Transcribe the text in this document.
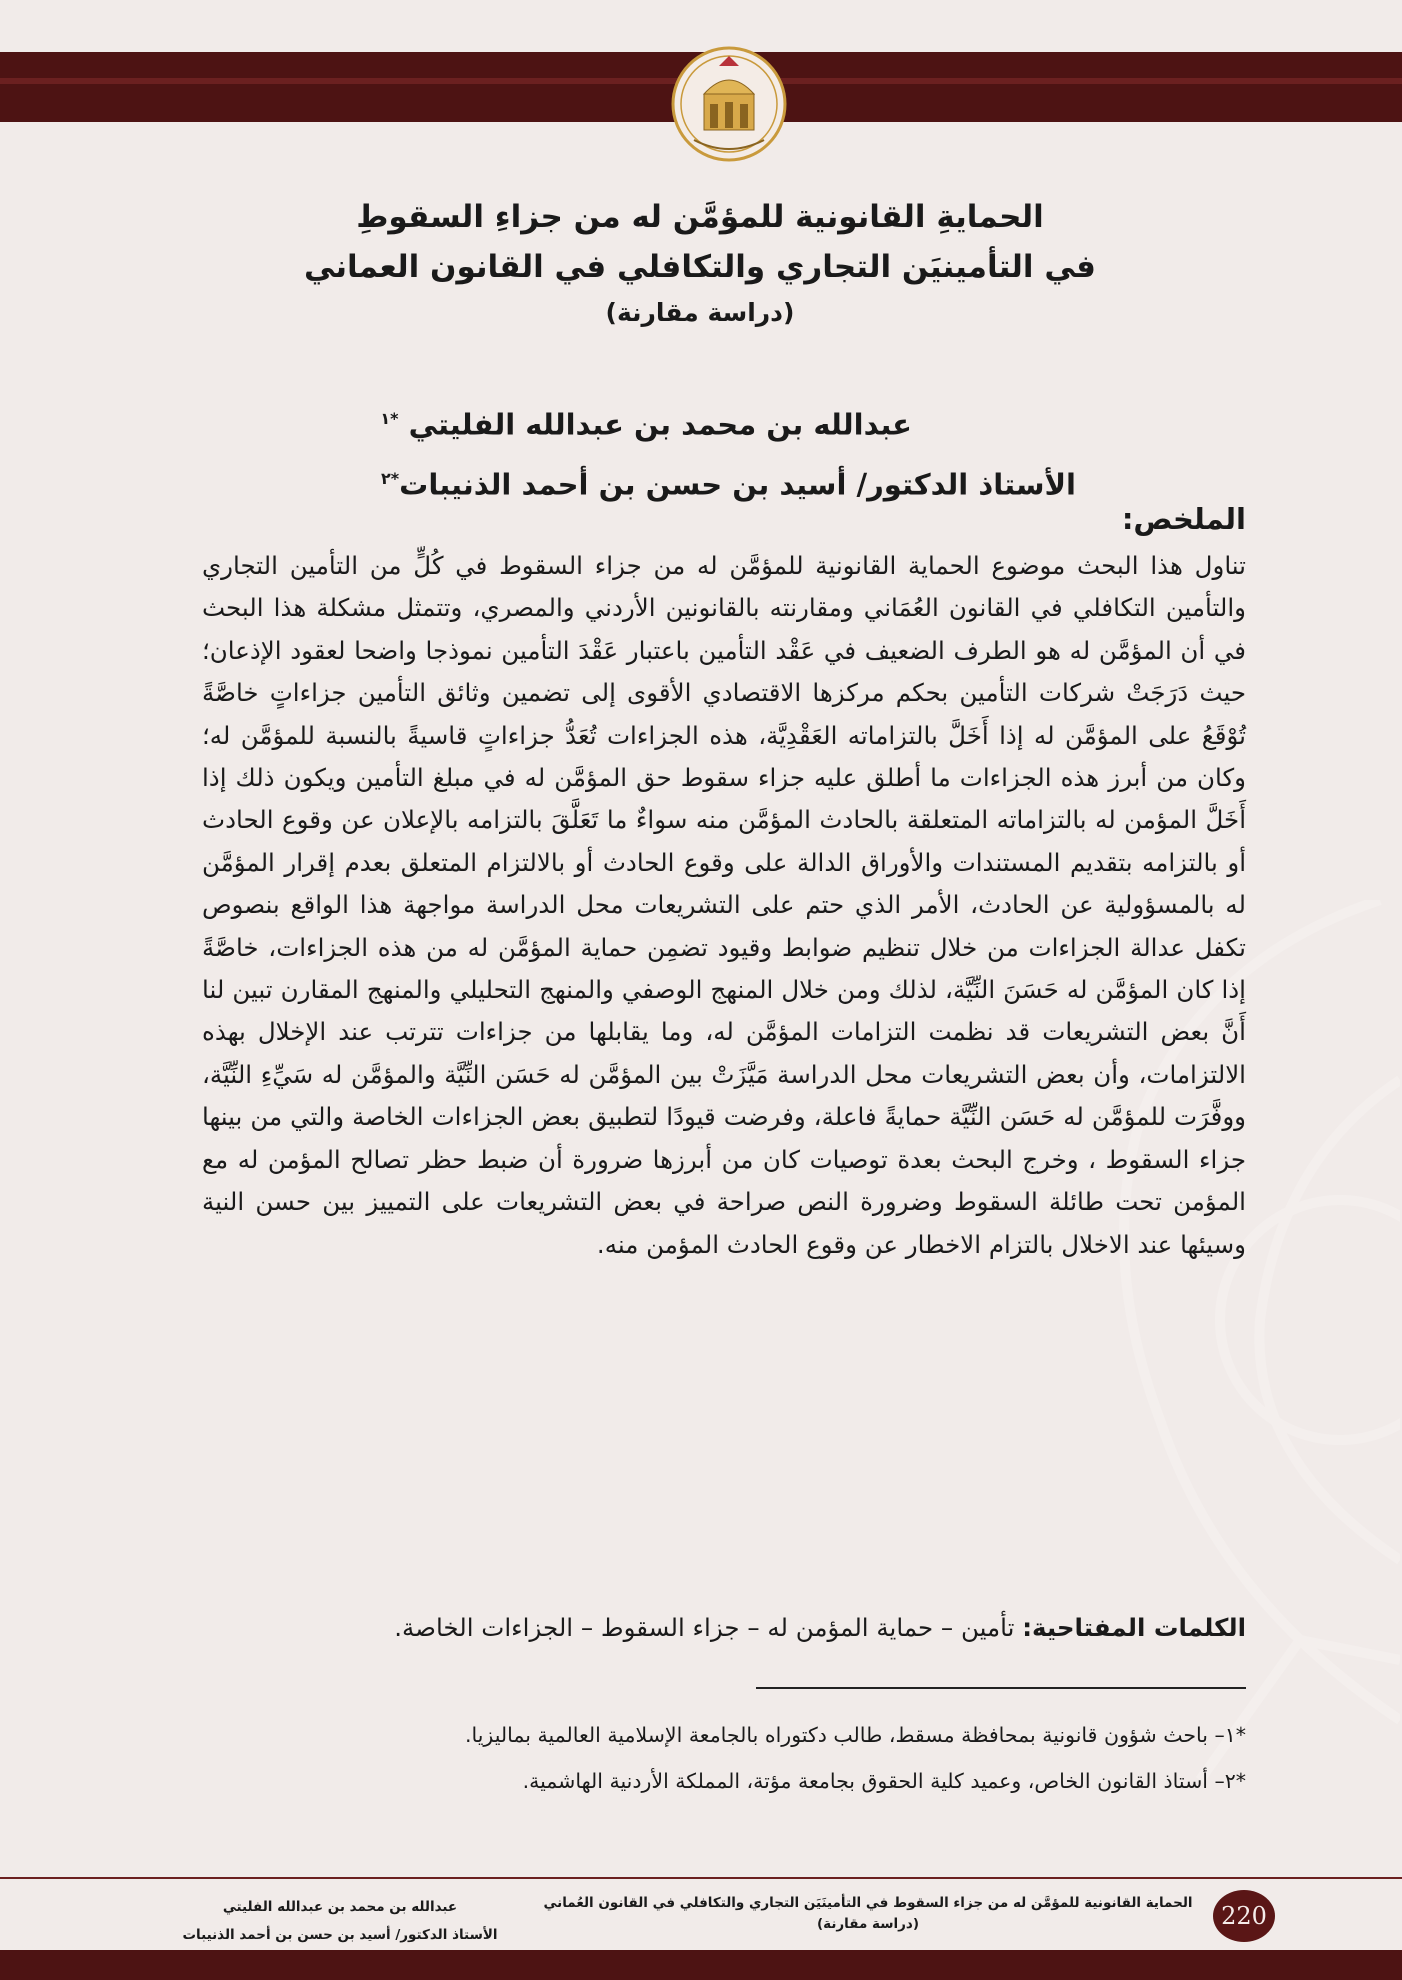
الحمايةِ القانونية للمؤمَّن له من جزاءِ السقوطِ
في التأمينيَن التجاري والتكافلي في القانون العماني
(دراسة مقارنة)
عبدالله بن محمد بن عبدالله الفليتي $^{*١}$
الأستاذ الدكتور/ أسيد بن حسن بن أحمد الذنيبات$^{*٢}$
الملخص:
تناول هذا البحث موضوع الحماية القانونية للمؤمَّن له من جزاء السقوط في كُلٍّ من التأمين التجاري والتأمين التكافلي في القانون العُمَاني ومقارنته بالقانونين الأردني والمصري، وتتمثل مشكلة هذا البحث في أن المؤمَّن له هو الطرف الضعيف في عَقْد التأمين باعتبار عَقْدَ التأمين نموذجا واضحا لعقود الإذعان؛ حيث دَرَجَتْ شركات التأمين بحكم مركزها الاقتصادي الأقوى إلى تضمين وثائق التأمين جزاءاتٍ خاصَّةً تُوْقَعُ على المؤمَّن له إذا أَخَلَّ بالتزاماته العَقْدِيَّة، هذه الجزاءات تُعَدُّ جزاءاتٍ قاسيةً بالنسبة للمؤمَّن له؛ وكان من أبرز هذه الجزاءات ما أطلق عليه جزاء سقوط حق المؤمَّن له في مبلغ التأمين ويكون ذلك إذا أَخَلَّ المؤمن له بالتزاماته المتعلقة بالحادث المؤمَّن منه سواءٌ ما تَعَلَّقَ بالتزامه بالإعلان عن وقوع الحادث أو بالتزامه بتقديم المستندات والأوراق الدالة على وقوع الحادث أو بالالتزام المتعلق بعدم إقرار المؤمَّن له بالمسؤولية عن الحادث، الأمر الذي حتم على التشريعات محل الدراسة مواجهة هذا الواقع بنصوص تكفل عدالة الجزاءات من خلال تنظيم ضوابط وقيود تضمِن حماية المؤمَّن له من هذه الجزاءات، خاصَّةً إذا كان المؤمَّن له حَسَنَ النِّيَّة، لذلك ومن خلال المنهج الوصفي والمنهج التحليلي والمنهج المقارن تبين لنا أَنَّ بعض التشريعات قد نظمت التزامات المؤمَّن له، وما يقابلها من جزاءات تترتب عند الإخلال بهذه الالتزامات، وأن بعض التشريعات محل الدراسة مَيَّزَتْ بين المؤمَّن له حَسَن النِّيَّة والمؤمَّن له سَيِّءِ النِّيَّة، ووفَّرَت للمؤمَّن له حَسَن النِّيَّة حمايةً فاعلة، وفرضت قيودًا لتطبيق بعض الجزاءات الخاصة والتي من بينها جزاء السقوط ، وخرج البحث بعدة توصيات كان من أبرزها ضرورة أن ضبط حظر تصالح المؤمن له مع المؤمن تحت طائلة السقوط وضرورة النص صراحة في بعض التشريعات على التمييز بين حسن النية وسيئها عند الاخلال بالتزام الاخطار عن وقوع الحادث المؤمن منه.
الكلمات المفتاحية: تأمين – حماية المؤمن له – جزاء السقوط – الجزاءات الخاصة.
*١– باحث شؤون قانونية بمحافظة مسقط، طالب دكتوراه بالجامعة الإسلامية العالمية بماليزيا.
*٢– أستاذ القانون الخاص، وعميد كلية الحقوق بجامعة مؤتة، المملكة الأردنية الهاشمية.
220
الحماية القانونية للمؤمَّن له من جزاء السقوط في التأمينَيَن التجاري والتكافلي في القانون العُماني
(دراسة مقارنة)
عبدالله بن محمد بن عبدالله الفليتي
الأستاذ الدكتور/ أسيد بن حسن بن أحمد الذنيبات
